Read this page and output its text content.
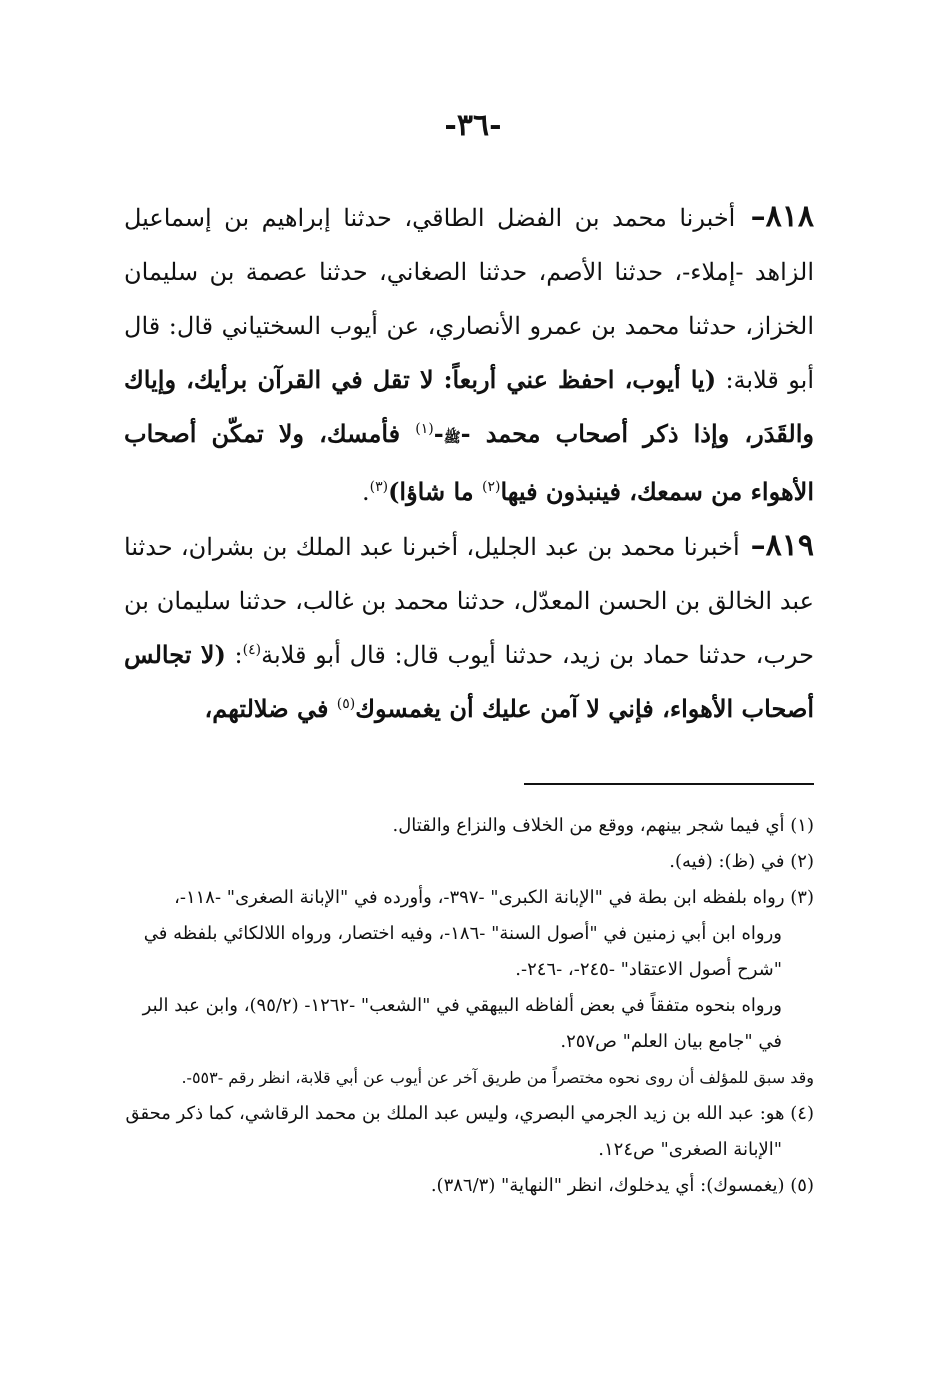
-٣٦-

٨١٨– أخبرنا محمد بن الفضل الطاقي، حدثنا إبراهيم بن إسماعيل الزاهد -إملاء-، حدثنا الأصم، حدثنا الصغاني، حدثنا عصمة بن سليمان الخزاز، حدثنا محمد بن عمرو الأنصاري، عن أيوب السختياني قال: قال أبو قلابة: (يا أيوب، احفظ عني أربعاً: لا تقل في القرآن برأيك، وإياك والقَدَر، وإذا ذكر أصحاب محمد -ﷺ-$^{(١)}$ فأمسك، ولا تمكّن أصحاب الأهواء من سمعك، فينبذون فيها$^{(٢)}$ ما شاؤا)$^{(٣)}$.

٨١٩– أخبرنا محمد بن عبد الجليل، أخبرنا عبد الملك بن بشران، حدثنا عبد الخالق بن الحسن المعدّل، حدثنا محمد بن غالب، حدثنا سليمان بن حرب، حدثنا حماد بن زيد، حدثنا أيوب قال: قال أبو قلابة$^{(٤)}$: (لا تجالس أصحاب الأهواء، فإني لا آمن عليك أن يغمسوك$^{(٥)}$ في ضلالتهم،

(١) أي فيما شجر بينهم، ووقع من الخلاف والنزاع والقتال.

(٢) في (ظ): (فيه).

(٣) رواه بلفظه ابن بطة في "الإبانة الكبرى" -٣٩٧-، وأورده في "الإبانة الصغرى" -١١٨-،

ورواه ابن أبي زمنين في "أصول السنة" -١٨٦-، وفيه اختصار، ورواه اللالكائي بلفظه في

"شرح أصول الاعتقاد" -٢٤٥-، -٢٤٦-.

ورواه بنحوه متفقاً في بعض ألفاظه البيهقي في "الشعب" -١٢٦٢- (٩٥/٢)، وابن عبد البر

في "جامع بيان العلم" ص٢٥٧.

وقد سبق للمؤلف أن روى نحوه مختصراً من طريق آخر عن أيوب عن أبي قلابة، انظر رقم -٥٥٣-.

(٤) هو: عبد الله بن زيد الجرمي البصري، وليس عبد الملك بن محمد الرقاشي، كما ذكر محقق

"الإبانة الصغرى" ص١٢٤.

(٥) (يغمسوك): أي يدخلوك، انظر "النهاية" (٣٨٦/٣).
